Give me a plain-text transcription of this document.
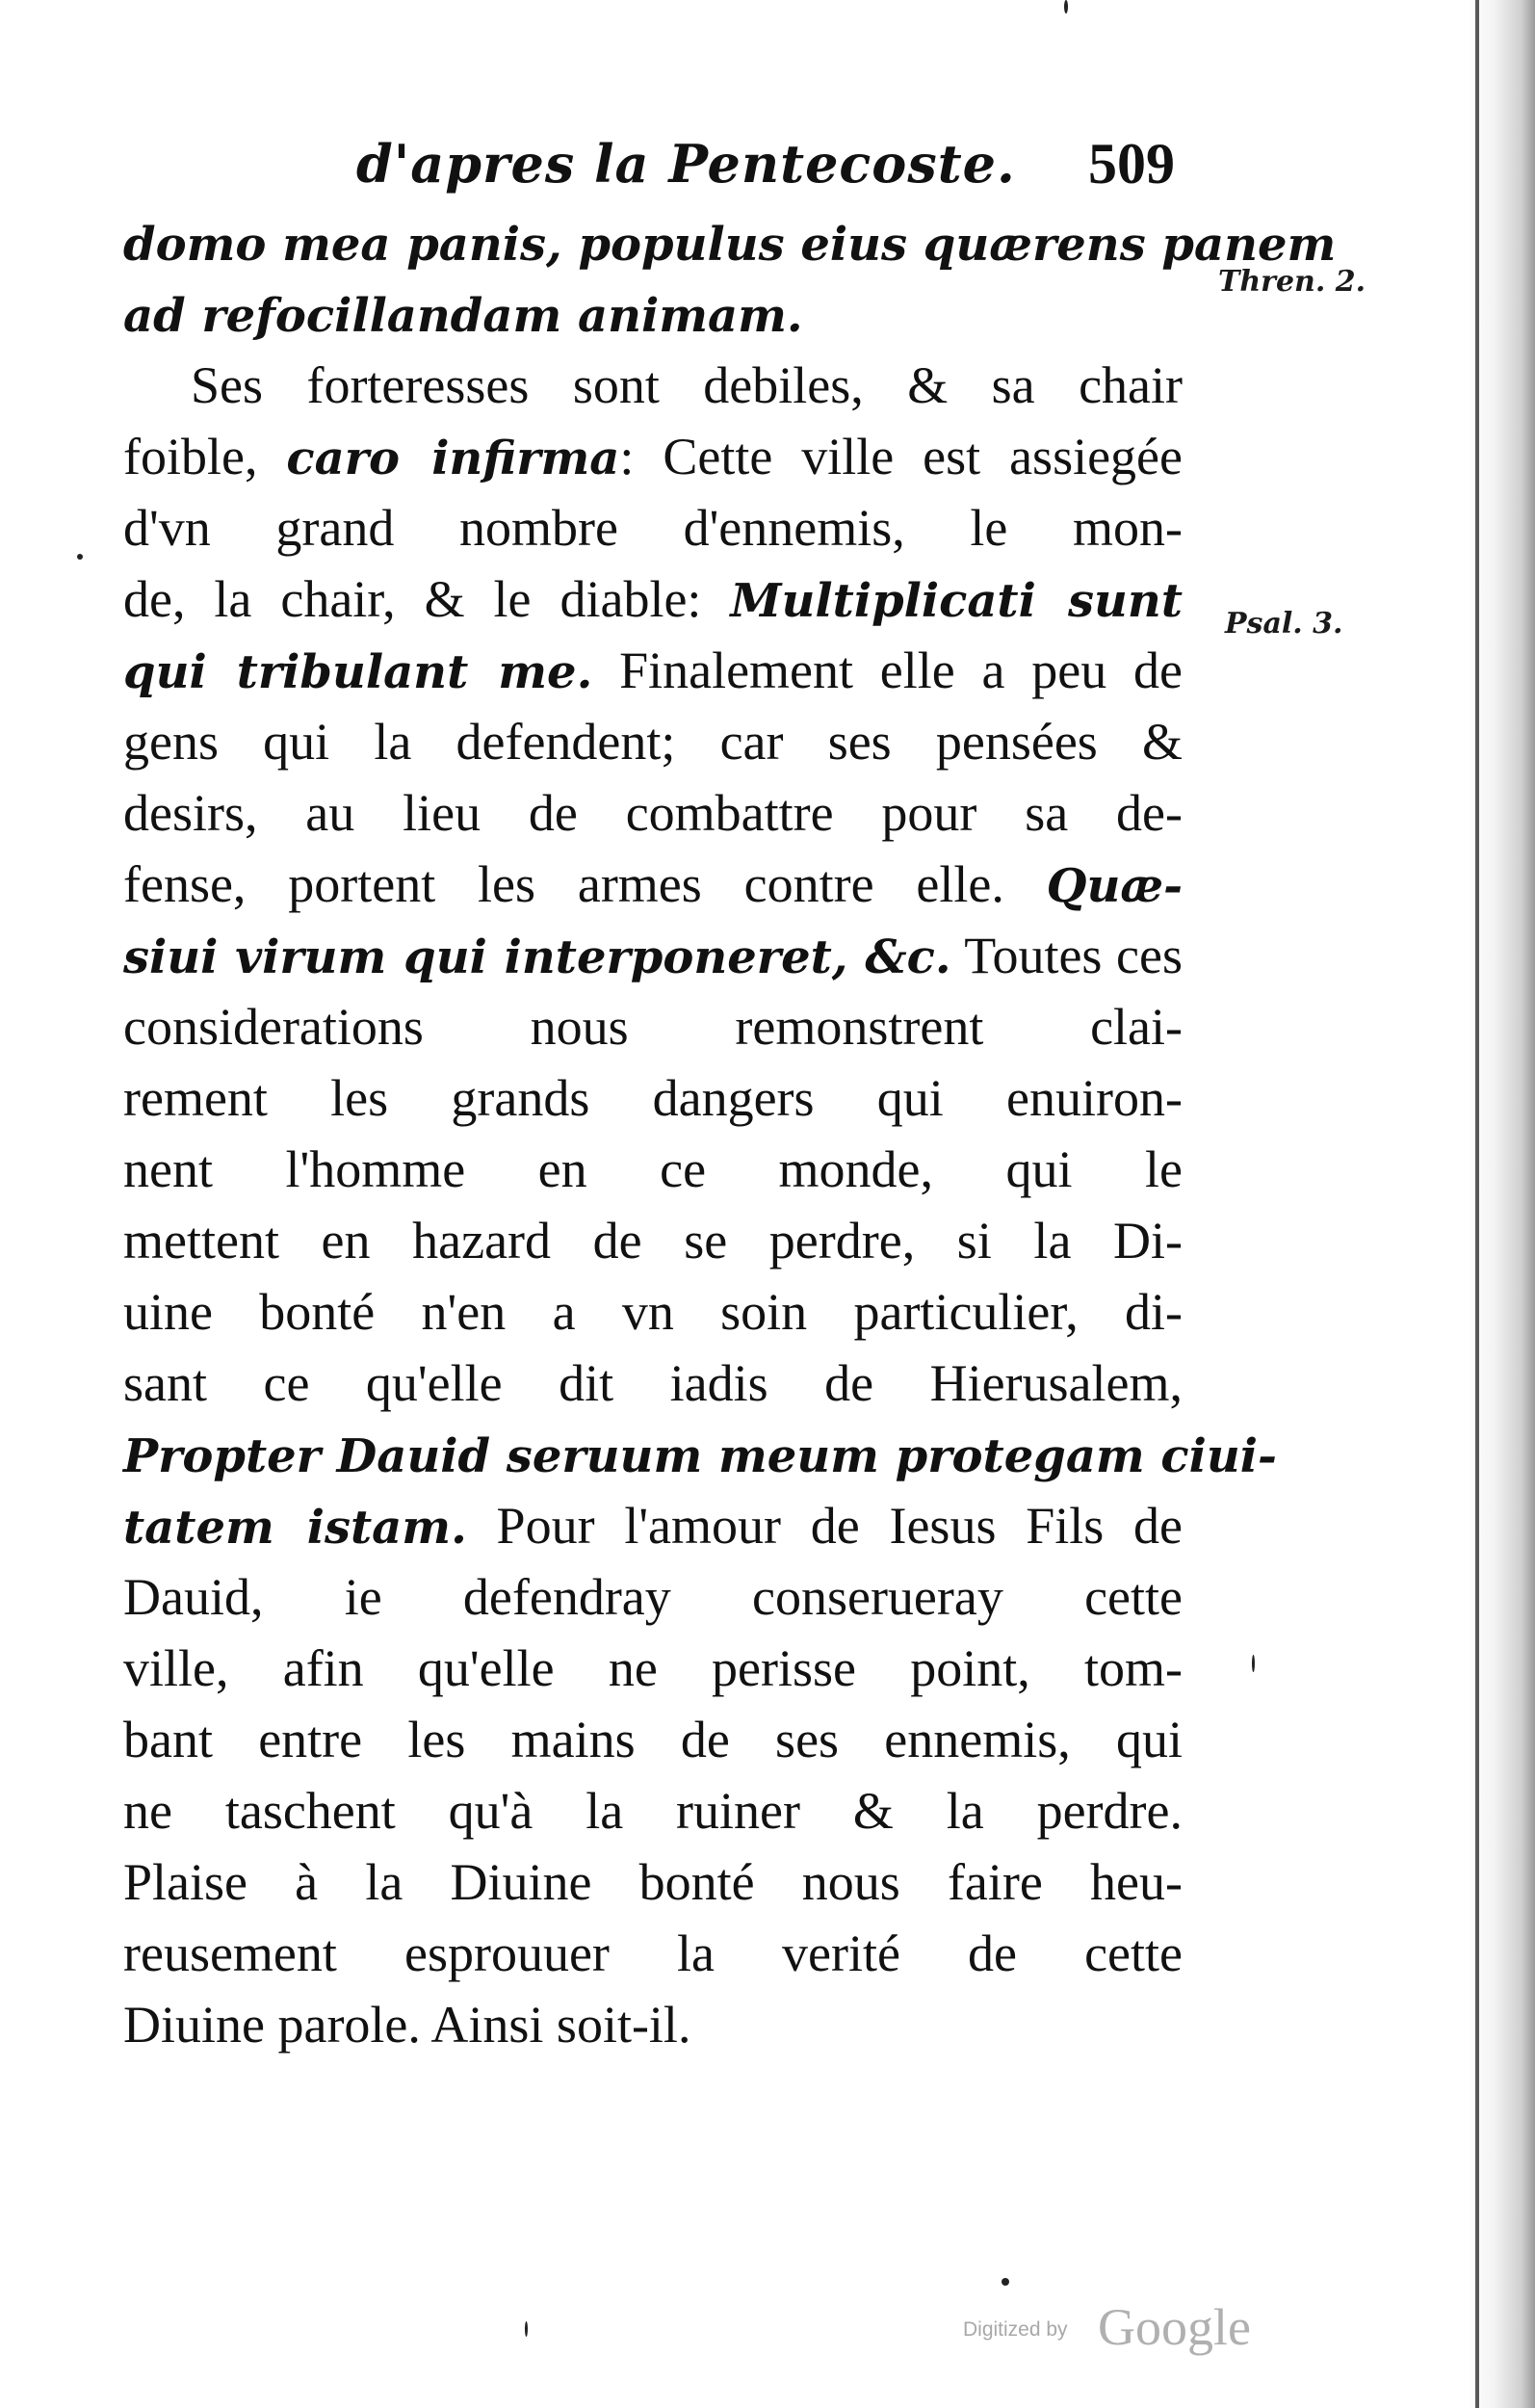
d'apres la Pentecoste. 509
Thren. 2.
Psal. 3.
domo mea panis, populus eius quærens panem
ad refocillandam animam.
Ses forteresses sont debiles, & sa chair
foible, caro infirma: Cette ville est assiegée
d'vn grand nombre d'ennemis, le mon-
de, la chair, & le diable: Multiplicati sunt
qui tribulant me. Finalement elle a peu de
gens qui la defendent; car ses pensées &
desirs, au lieu de combattre pour sa de-
fense, portent les armes contre elle. Quæ-
siui virum qui interponeret, &c. Toutes ces
considerations nous remonstrent clai-
rement les grands dangers qui enuiron-
nent l'homme en ce monde, qui le
mettent en hazard de se perdre, si la Di-
uine bonté n'en a vn soin particulier, di-
sant ce qu'elle dit iadis de Hierusalem,
Propter Dauid seruum meum protegam ciui-
tatem istam. Pour l'amour de Iesus Fils de
Dauid, ie defendray conserueray cette
ville, afin qu'elle ne perisse point, tom-
bant entre les mains de ses ennemis, qui
ne taschent qu'à la ruiner & la perdre.
Plaise à la Diuine bonté nous faire heu-
reusement esprouuer la verité de cette
Diuine parole. Ainsi soit-il.
Digitized by Google
